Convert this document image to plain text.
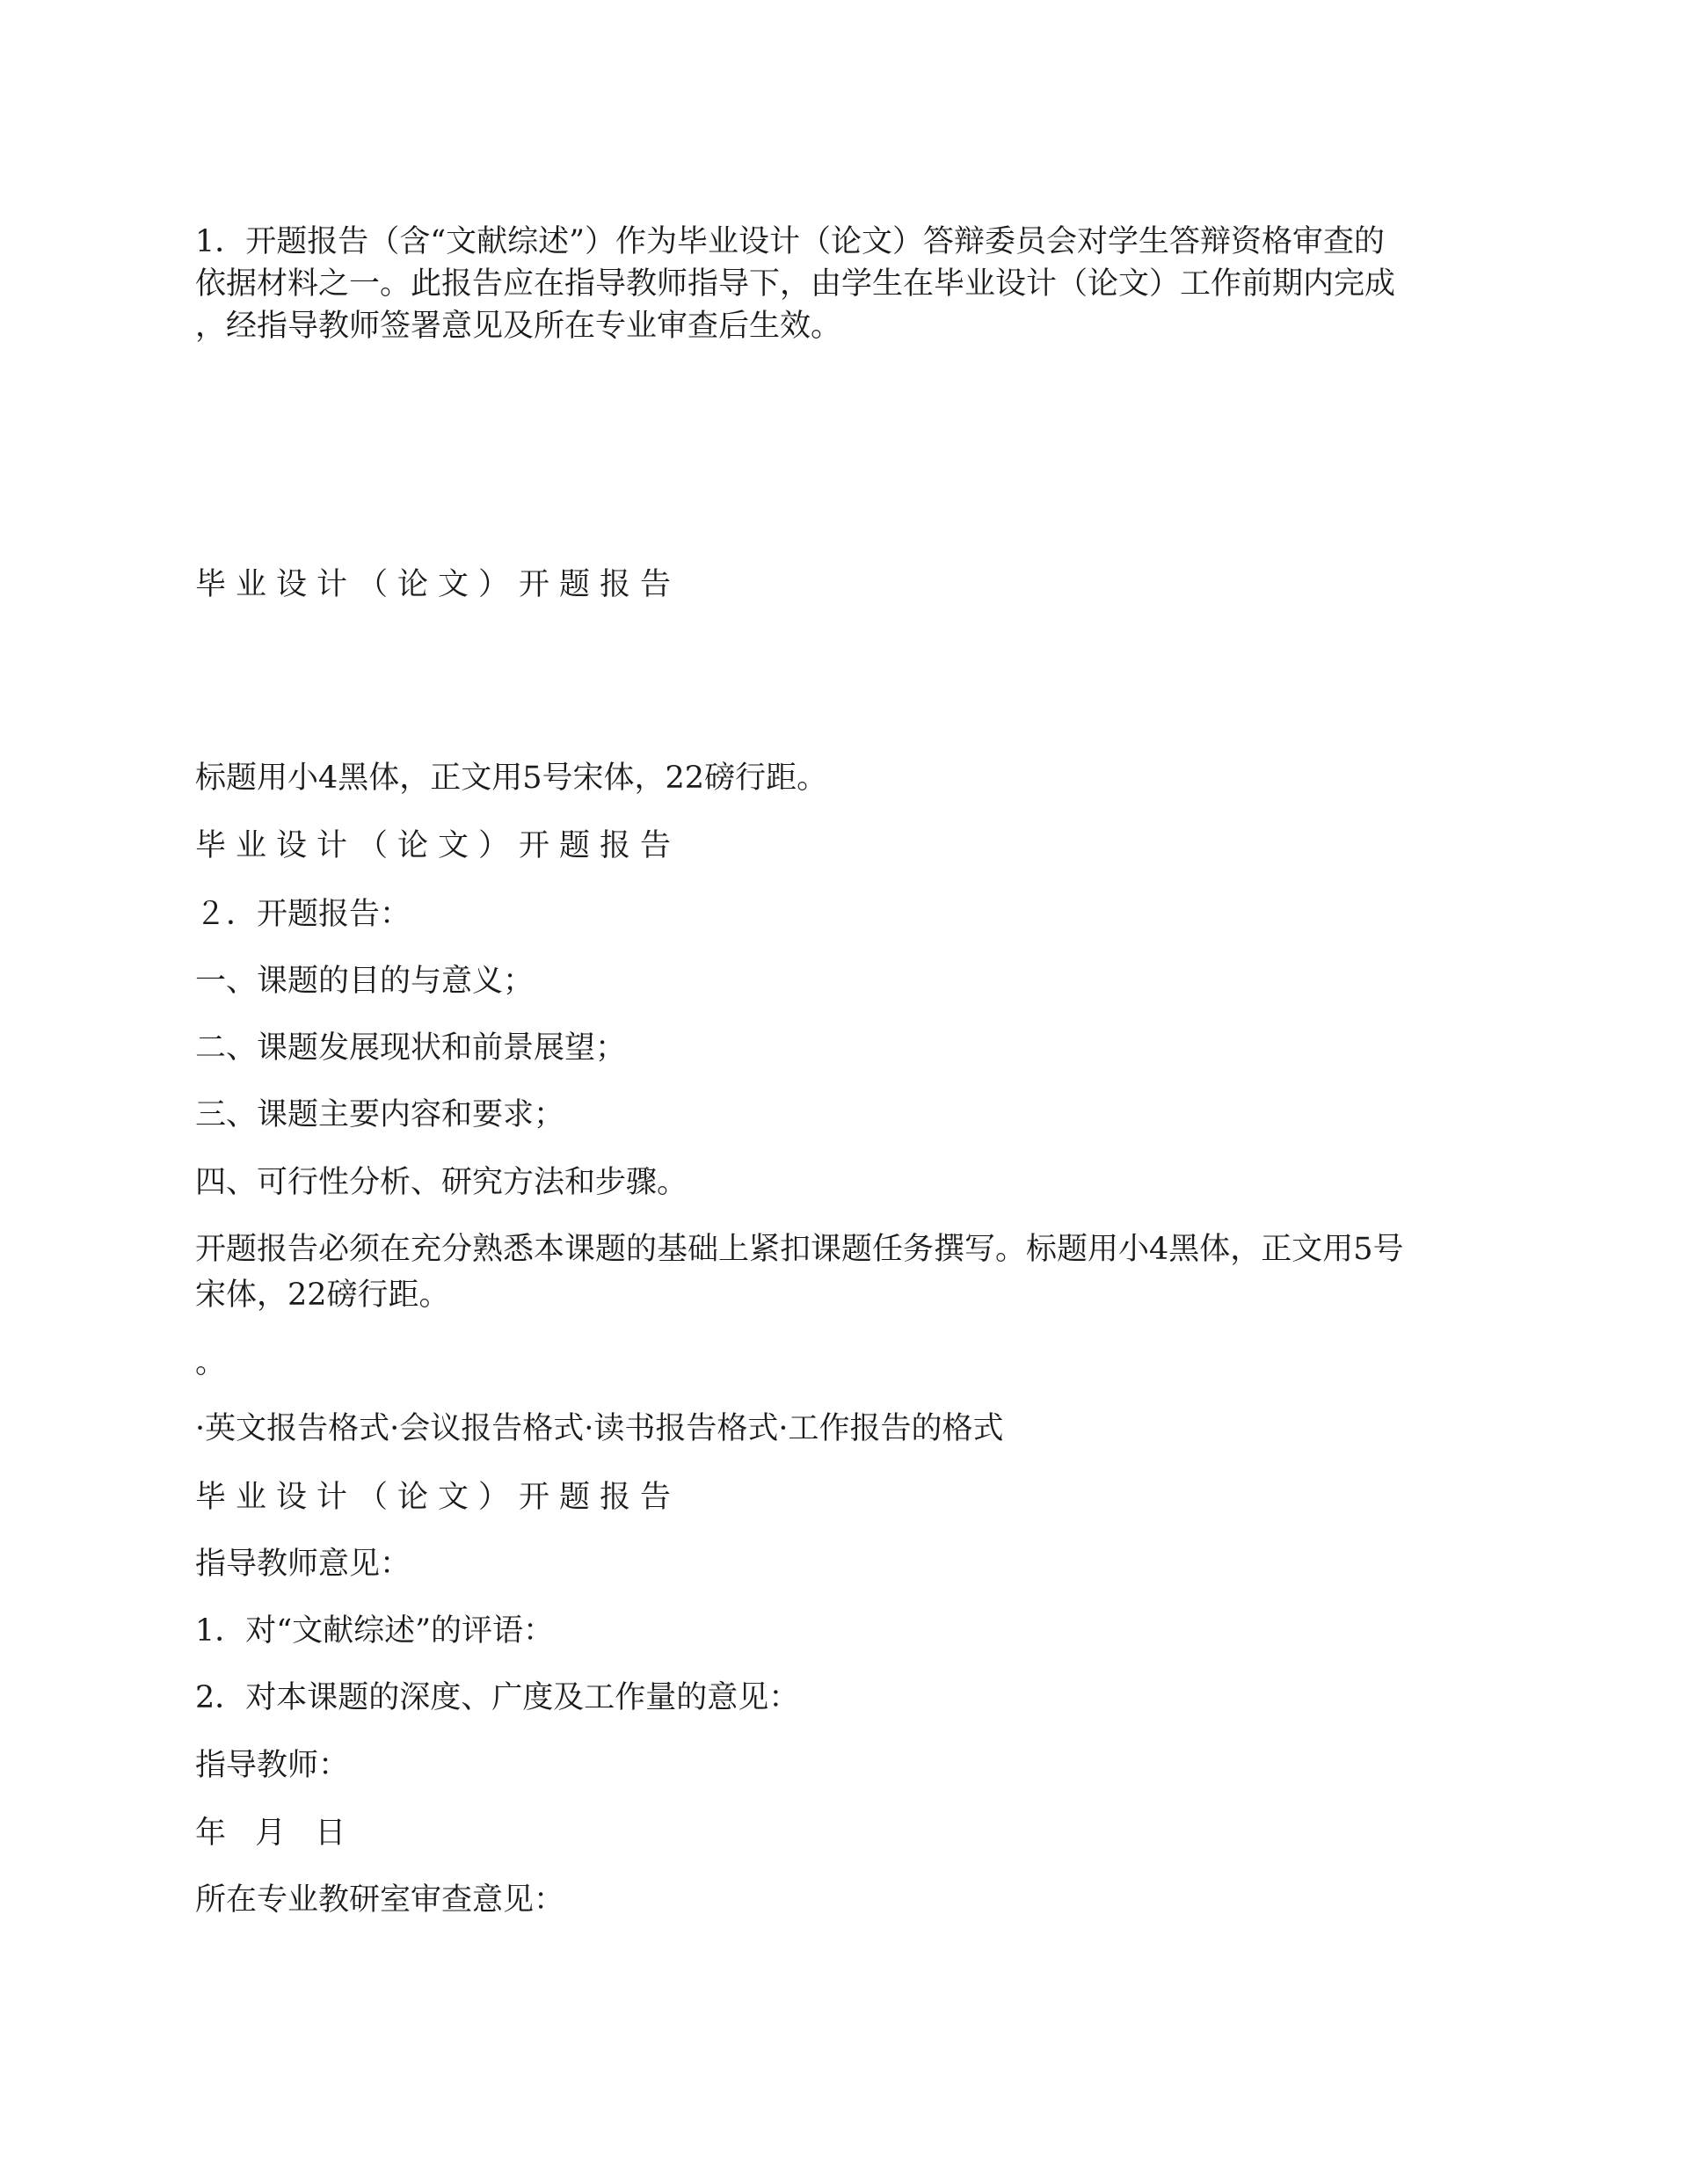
1．开题报告（含“文献综述”）作为毕业设计（论文）答辩委员会对学生答辩资格审查的
依据材料之一。此报告应在指导教师指导下，由学生在毕业设计（论文）工作前期内完成
，经指导教师签署意见及所在专业审查后生效。
毕业设计（论文）开题报告
标题用小4黑体，正文用5号宋体，22磅行距。
毕业设计（论文）开题报告
２．开题报告：
一、课题的目的与意义；
二、课题发展现状和前景展望；
三、课题主要内容和要求；
四、可行性分析、研究方法和步骤。
开题报告必须在充分熟悉本课题的基础上紧扣课题任务撰写。标题用小4黑体，正文用5号
宋体，22磅行距。
。
·英文报告格式·会议报告格式·读书报告格式·工作报告的格式
毕业设计（论文）开题报告
指导教师意见：
1．对“文献综述”的评语：
2．对本课题的深度、广度及工作量的意见：
指导教师：
年 月 日
所在专业教研室审查意见：
